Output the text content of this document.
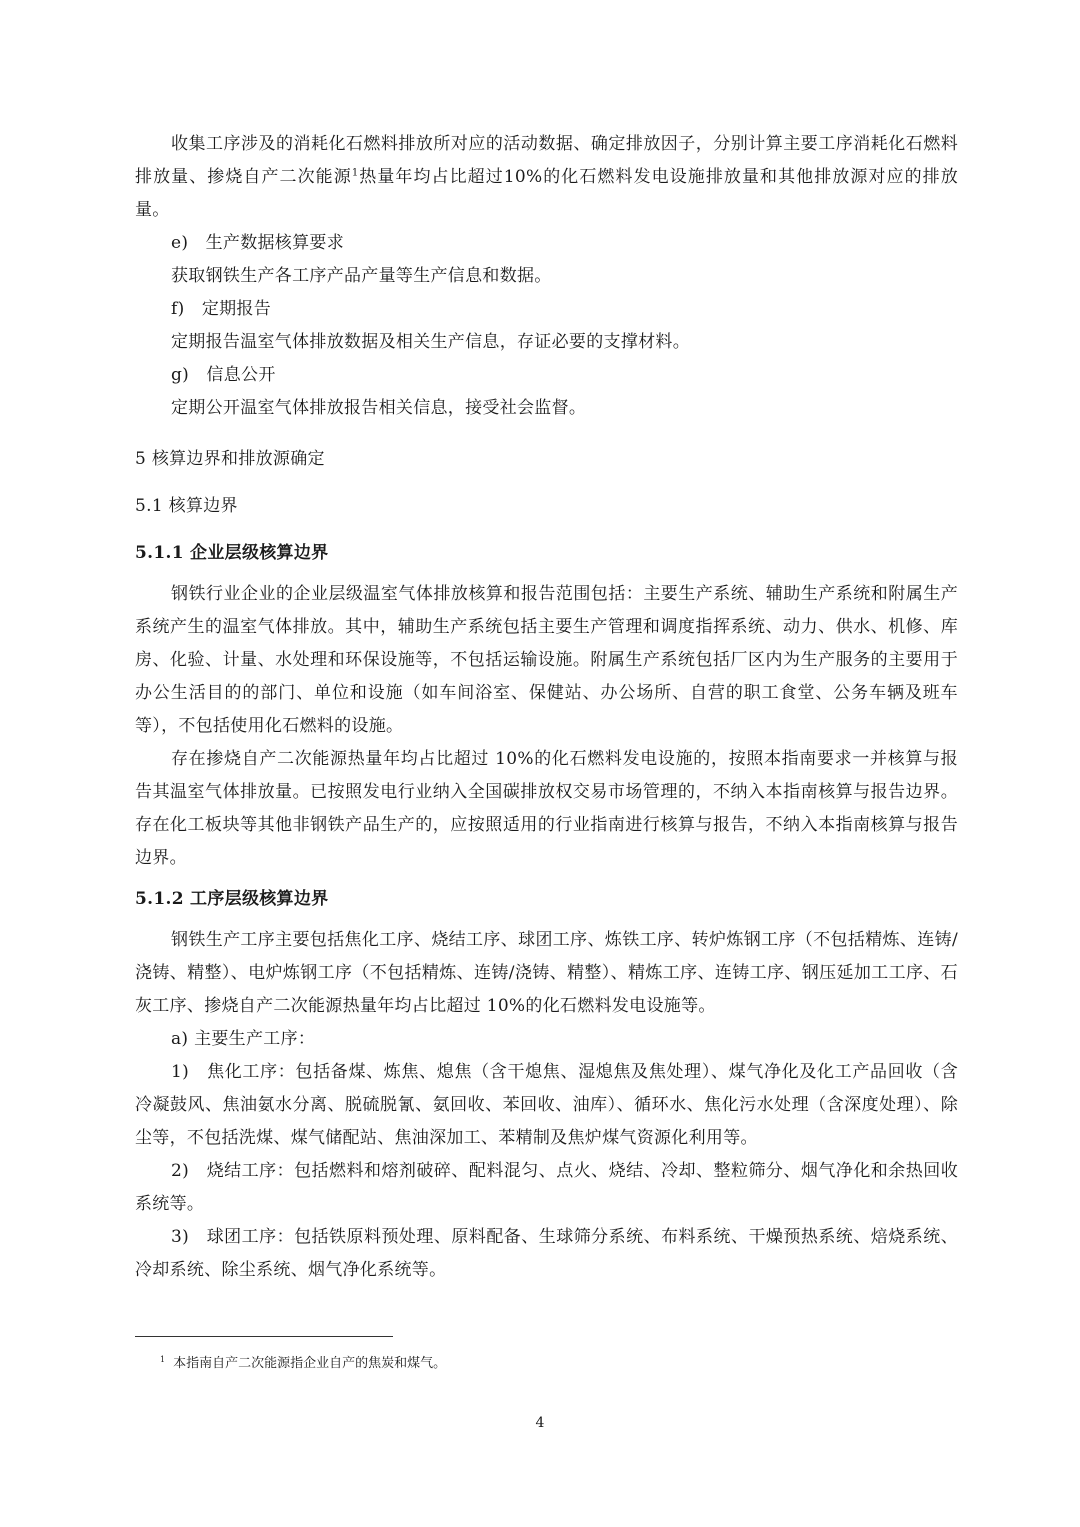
收集工序涉及的消耗化石燃料排放所对应的活动数据、确定排放因子，分别计算主要工序消耗化石燃料排放量、掺烧自产二次能源$^1$热量年均占比超过10%的化石燃料发电设施排放量和其他排放源对应的排放量。

e)　生产数据核算要求

获取钢铁生产各工序产品产量等生产信息和数据。

f)　定期报告

定期报告温室气体排放数据及相关生产信息，存证必要的支撑材料。

g)　信息公开

定期公开温室气体排放报告相关信息，接受社会监督。

5 核算边界和排放源确定

5.1 核算边界

5.1.1 企业层级核算边界

钢铁行业企业的企业层级温室气体排放核算和报告范围包括：主要生产系统、辅助生产系统和附属生产系统产生的温室气体排放。其中，辅助生产系统包括主要生产管理和调度指挥系统、动力、供水、机修、库房、化验、计量、水处理和环保设施等，不包括运输设施。附属生产系统包括厂区内为生产服务的主要用于办公生活目的的部门、单位和设施（如车间浴室、保健站、办公场所、自营的职工食堂、公务车辆及班车等），不包括使用化石燃料的设施。

存在掺烧自产二次能源热量年均占比超过 10%的化石燃料发电设施的，按照本指南要求一并核算与报告其温室气体排放量。已按照发电行业纳入全国碳排放权交易市场管理的，不纳入本指南核算与报告边界。存在化工板块等其他非钢铁产品生产的，应按照适用的行业指南进行核算与报告，不纳入本指南核算与报告边界。

5.1.2 工序层级核算边界

钢铁生产工序主要包括焦化工序、烧结工序、球团工序、炼铁工序、转炉炼钢工序（不包括精炼、连铸/浇铸、精整）、电炉炼钢工序（不包括精炼、连铸/浇铸、精整）、精炼工序、连铸工序、钢压延加工工序、石灰工序、掺烧自产二次能源热量年均占比超过 10%的化石燃料发电设施等。

a) 主要生产工序：

1)　焦化工序：包括备煤、炼焦、熄焦（含干熄焦、湿熄焦及焦处理）、煤气净化及化工产品回收（含冷凝鼓风、焦油氨水分离、脱硫脱氰、氨回收、苯回收、油库）、循环水、焦化污水处理（含深度处理）、除尘等，不包括洗煤、煤气储配站、焦油深加工、苯精制及焦炉煤气资源化利用等。

2)　烧结工序：包括燃料和熔剂破碎、配料混匀、点火、烧结、冷却、整粒筛分、烟气净化和余热回收系统等。

3)　球团工序：包括铁原料预处理、原料配备、生球筛分系统、布料系统、干燥预热系统、焙烧系统、冷却系统、除尘系统、烟气净化系统等。

$^1$ 本指南自产二次能源指企业自产的焦炭和煤气。
4
